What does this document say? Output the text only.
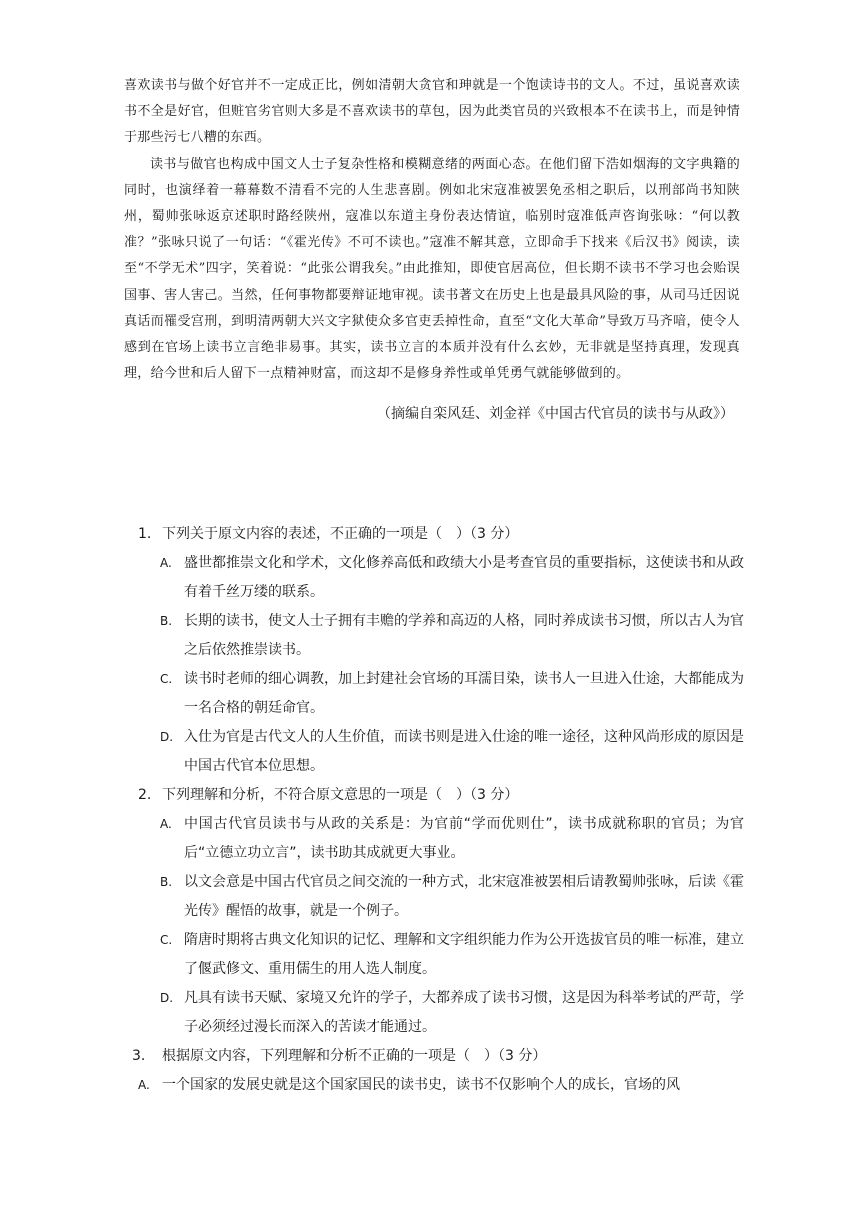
喜欢读书与做个好官并不一定成正比，例如清朝大贪官和珅就是一个饱读诗书的文人。不过，虽说喜欢读书不全是好官，但赃官劣官则大多是不喜欢读书的草包，因为此类官员的兴致根本不在读书上，而是钟情于那些污七八糟的东西。

读书与做官也构成中国文人士子复杂性格和模糊意绪的两面心态。在他们留下浩如烟海的文字典籍的同时，也演绎着一幕幕数不清看不完的人生悲喜剧。例如北宋寇准被罢免丞相之职后，以刑部尚书知陕州，蜀帅张咏返京述职时路经陕州，寇准以东道主身份表达情谊，临别时寇准低声咨询张咏：“何以教准？”张咏只说了一句话：“《霍光传》不可不读也。”寇准不解其意，立即命手下找来《后汉书》阅读，读至“不学无术”四字，笑着说：“此张公谓我矣。”由此推知，即使官居高位，但长期不读书不学习也会贻误国事、害人害己。当然，任何事物都要辩证地审视。读书著文在历史上也是最具风险的事，从司马迁因说真话而罹受宫刑，到明清两朝大兴文字狱使众多官吏丢掉性命，直至“文化大革命”导致万马齐喑，使令人感到在官场上读书立言绝非易事。其实，读书立言的本质并没有什么玄妙，无非就是坚持真理，发现真理，给今世和后人留下一点精神财富，而这却不是修身养性或单凭勇气就能够做到的。

（摘编自栾风廷、刘金祥《中国古代官员的读书与从政》）
1. 下列关于原文内容的表述，不正确的一项是（　）（3 分）
A. 盛世都推崇文化和学术，文化修养高低和政绩大小是考查官员的重要指标，这使读书和从政有着千丝万缕的联系。
B. 长期的读书，使文人士子拥有丰赡的学养和高迈的人格，同时养成读书习惯，所以古人为官之后依然推崇读书。
C. 读书时老师的细心调教，加上封建社会官场的耳濡目染，读书人一旦进入仕途，大都能成为一名合格的朝廷命官。
D. 入仕为官是古代文人的人生价值，而读书则是进入仕途的唯一途径，这种风尚形成的原因是中国古代官本位思想。
2. 下列理解和分析，不符合原文意思的一项是（　）（3 分）
A. 中国古代官员读书与从政的关系是：为官前“学而优则仕”，读书成就称职的官员；为官后“立德立功立言”，读书助其成就更大事业。
B. 以文会意是中国古代官员之间交流的一种方式，北宋寇准被罢相后请教蜀帅张咏，后读《霍光传》醒悟的故事，就是一个例子。
C. 隋唐时期将古典文化知识的记忆、理解和文字组织能力作为公开选拔官员的唯一标准，建立了偃武修文、重用儒生的用人选人制度。
D. 凡具有读书天赋、家境又允许的学子，大都养成了读书习惯，这是因为科举考试的严苛，学子必须经过漫长而深入的苦读才能通过。
3.	根据原文内容，下列理解和分析不正确的一项是（　）（3 分）
A. 一个国家的发展史就是这个国家国民的读书史，读书不仅影响个人的成长，官场的风
